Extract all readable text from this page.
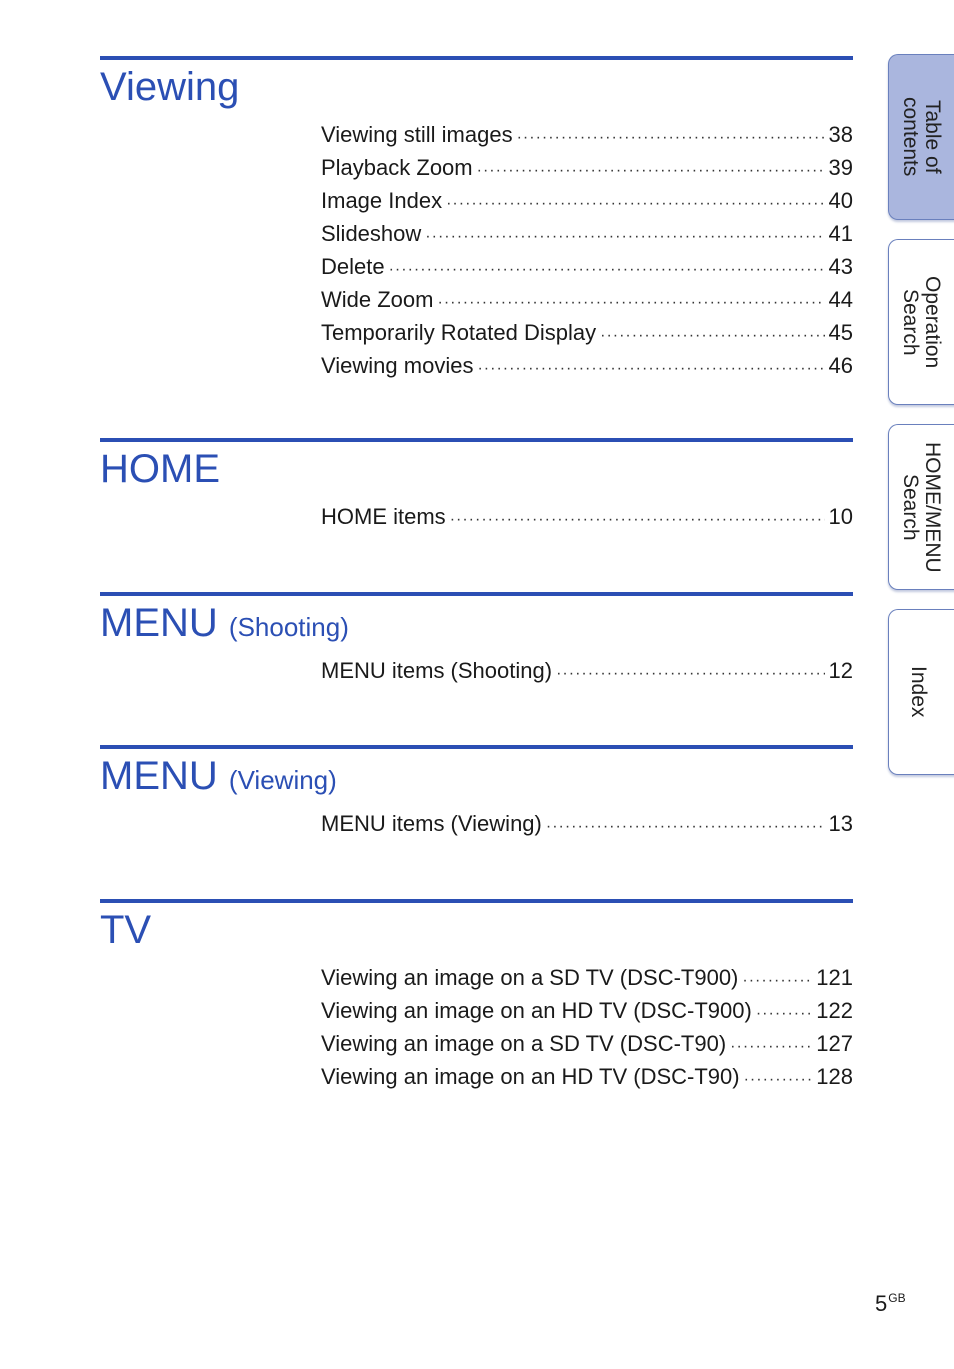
Viewing
Viewing still images ·····	38
Playback Zoom ·····	39
Image Index ·····	40
Slideshow ·····	41
Delete ·····	43
Wide Zoom ·····	44
Temporarily Rotated Display ·····	45
Viewing movies ·····	46
HOME
HOME items ·····	10
MENU (Shooting)
MENU items (Shooting) ·····	12
MENU (Viewing)
MENU items (Viewing) ·····	13
TV
Viewing an image on a SD TV (DSC-T900) ·····	121
Viewing an image on an HD TV (DSC-T900) ·····	122
Viewing an image on a SD TV (DSC-T90) ·····	127
Viewing an image on an HD TV (DSC-T90) ·····	128
Table of
contents
Operation
Search
HOME/MENU
Search
Index
$5^{GB}$
